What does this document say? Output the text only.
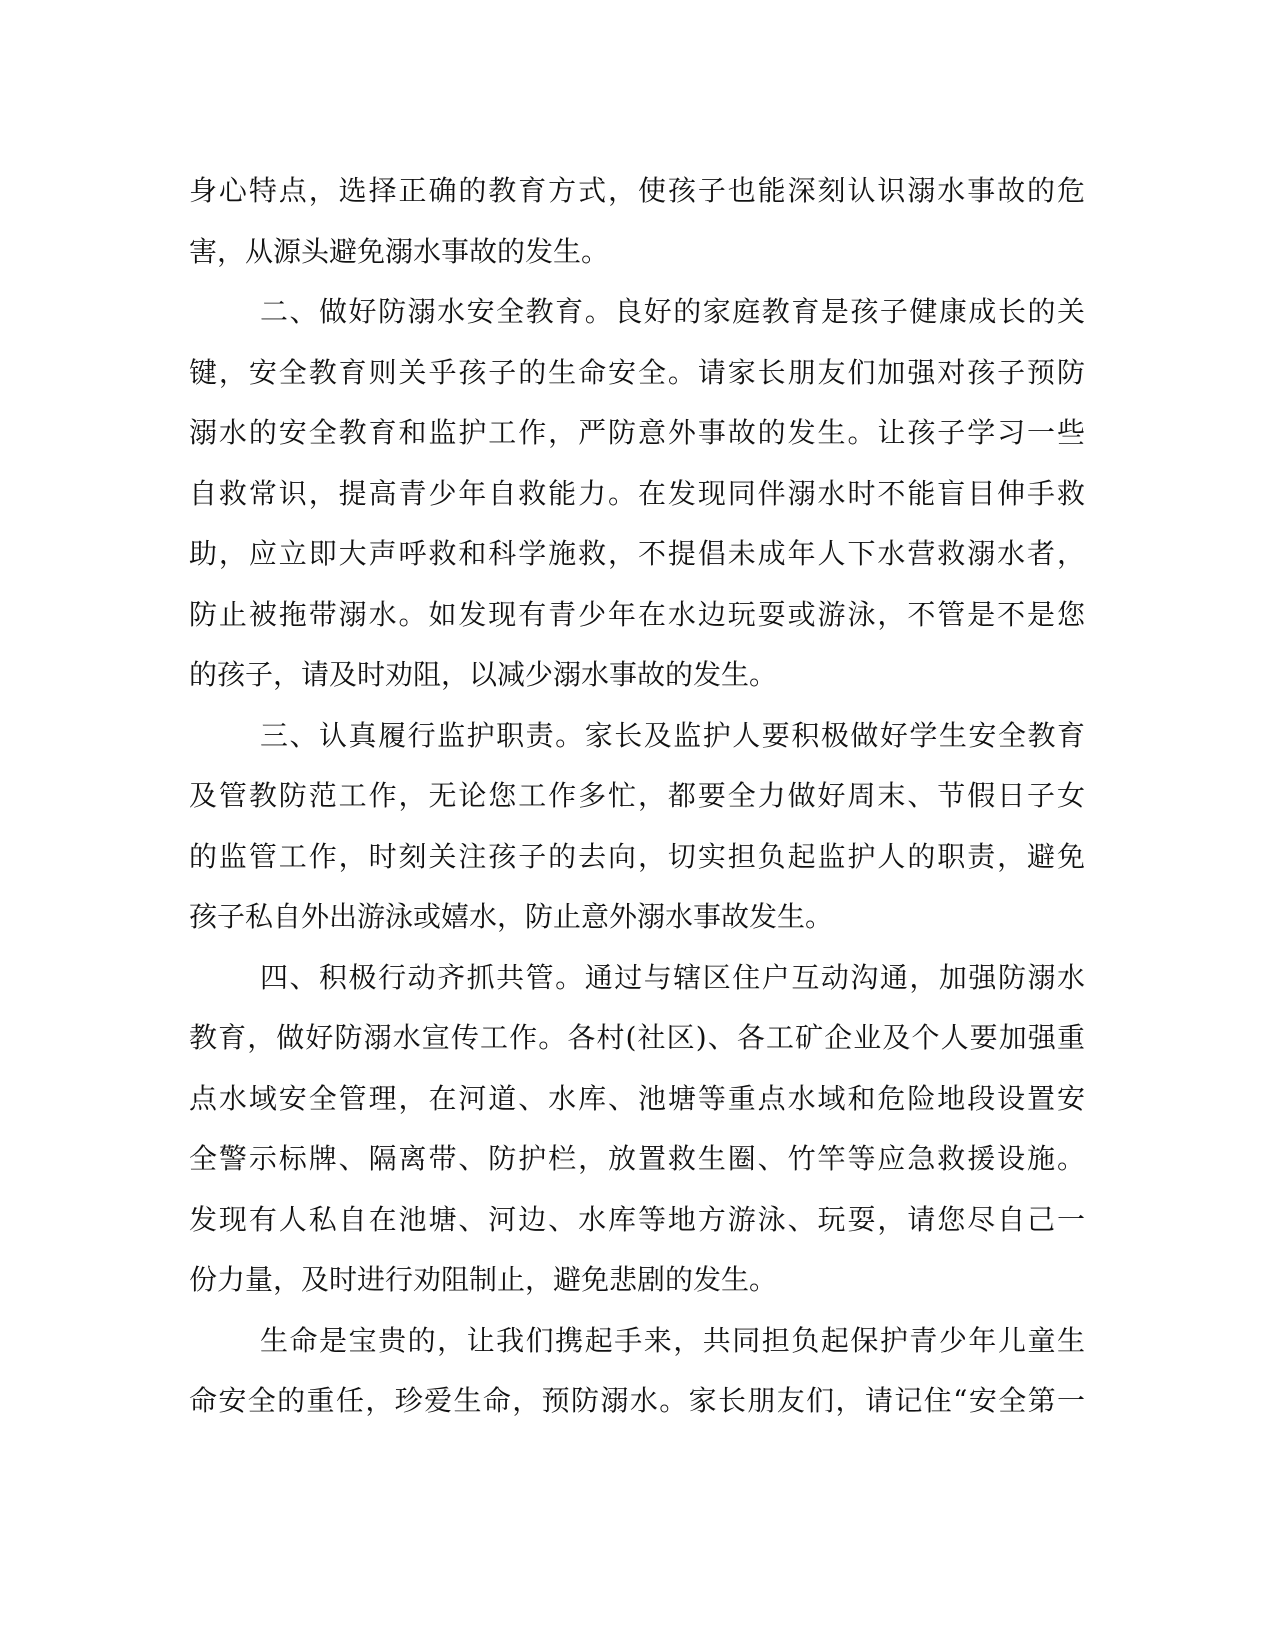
身心特点，选择正确的教育方式，使孩子也能深刻认识溺水事故的危
害，从源头避免溺水事故的发生。
二、做好防溺水安全教育。良好的家庭教育是孩子健康成长的关
键，安全教育则关乎孩子的生命安全。请家长朋友们加强对孩子预防
溺水的安全教育和监护工作，严防意外事故的发生。让孩子学习一些
自救常识，提高青少年自救能力。在发现同伴溺水时不能盲目伸手救
助，应立即大声呼救和科学施救，不提倡未成年人下水营救溺水者，
防止被拖带溺水。如发现有青少年在水边玩耍或游泳，不管是不是您
的孩子，请及时劝阻，以减少溺水事故的发生。
三、认真履行监护职责。家长及监护人要积极做好学生安全教育
及管教防范工作，无论您工作多忙，都要全力做好周末、节假日子女
的监管工作，时刻关注孩子的去向，切实担负起监护人的职责，避免
孩子私自外出游泳或嬉水，防止意外溺水事故发生。
四、积极行动齐抓共管。通过与辖区住户互动沟通，加强防溺水
教育，做好防溺水宣传工作。各村(社区)、各工矿企业及个人要加强重
点水域安全管理，在河道、水库、池塘等重点水域和危险地段设置安
全警示标牌、隔离带、防护栏，放置救生圈、竹竿等应急救援设施。
发现有人私自在池塘、河边、水库等地方游泳、玩耍，请您尽自己一
份力量，及时进行劝阻制止，避免悲剧的发生。
生命是宝贵的，让我们携起手来，共同担负起保护青少年儿童生
命安全的重任，珍爱生命，预防溺水。家长朋友们，请记住“安全第一
